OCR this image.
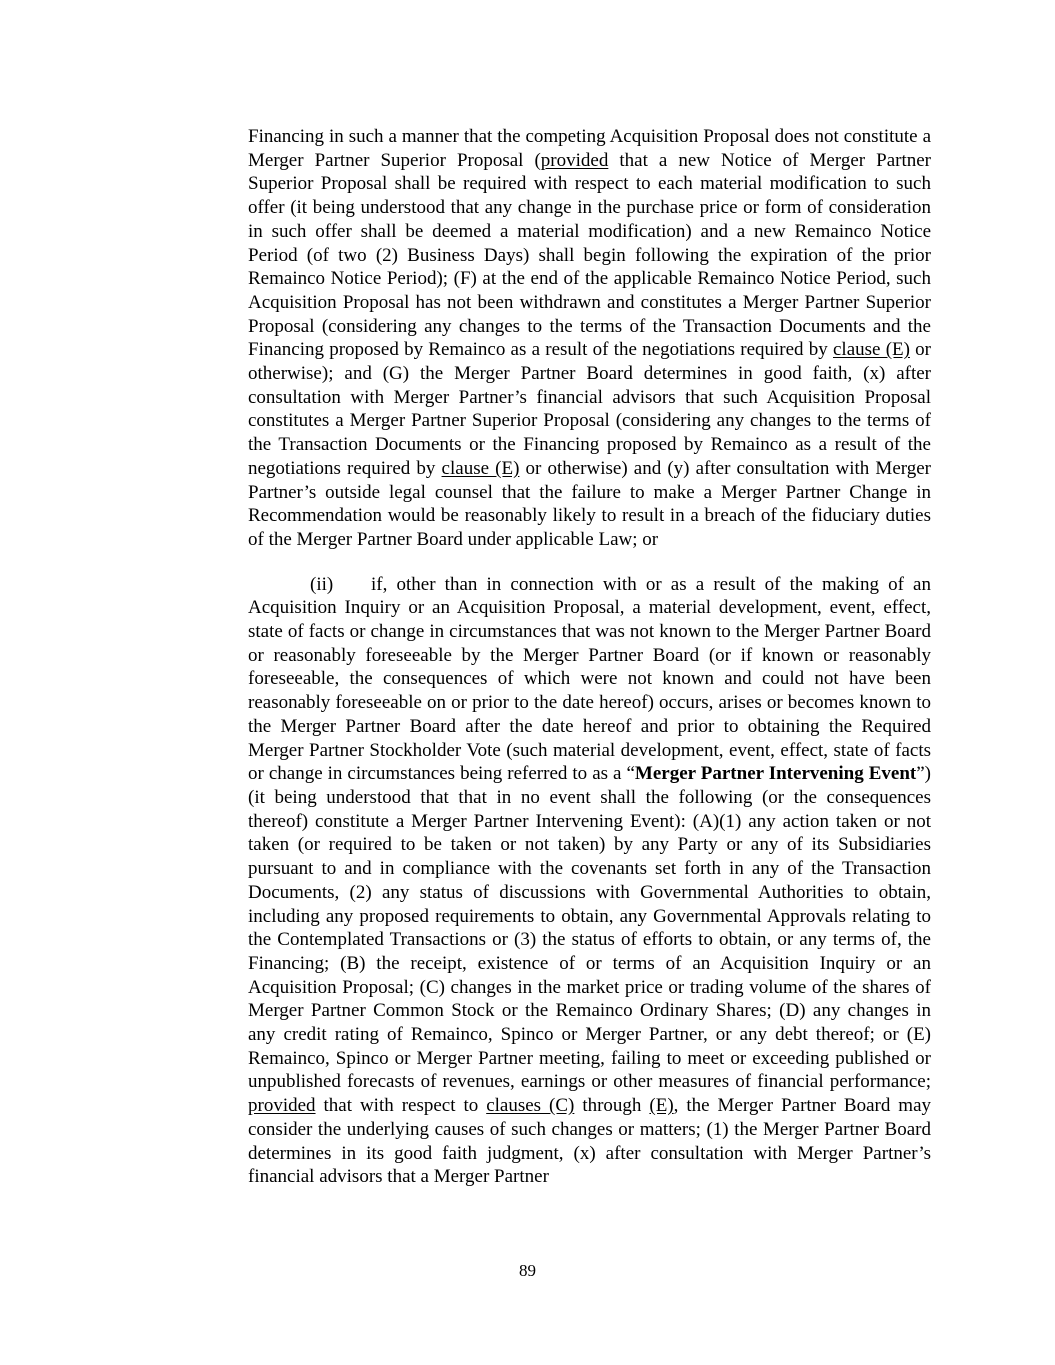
Financing in such a manner that the competing Acquisition Proposal does not constitute a Merger Partner Superior Proposal (provided that a new Notice of Merger Partner Superior Proposal shall be required with respect to each material modification to such offer (it being understood that any change in the purchase price or form of consideration in such offer shall be deemed a material modification) and a new Remainco Notice Period (of two (2) Business Days) shall begin following the expiration of the prior Remainco Notice Period); (F) at the end of the applicable Remainco Notice Period, such Acquisition Proposal has not been withdrawn and constitutes a Merger Partner Superior Proposal (considering any changes to the terms of the Transaction Documents and the Financing proposed by Remainco as a result of the negotiations required by clause (E) or otherwise); and (G) the Merger Partner Board determines in good faith, (x) after consultation with Merger Partner’s financial advisors that such Acquisition Proposal constitutes a Merger Partner Superior Proposal (considering any changes to the terms of the Transaction Documents or the Financing proposed by Remainco as a result of the negotiations required by clause (E) or otherwise) and (y) after consultation with Merger Partner’s outside legal counsel that the failure to make a Merger Partner Change in Recommendation would be reasonably likely to result in a breach of the fiduciary duties of the Merger Partner Board under applicable Law; or

(ii) if, other than in connection with or as a result of the making of an Acquisition Inquiry or an Acquisition Proposal, a material development, event, effect, state of facts or change in circumstances that was not known to the Merger Partner Board or reasonably foreseeable by the Merger Partner Board (or if known or reasonably foreseeable, the consequences of which were not known and could not have been reasonably foreseeable on or prior to the date hereof) occurs, arises or becomes known to the Merger Partner Board after the date hereof and prior to obtaining the Required Merger Partner Stockholder Vote (such material development, event, effect, state of facts or change in circumstances being referred to as a “Merger Partner Intervening Event”) (it being understood that that in no event shall the following (or the consequences thereof) constitute a Merger Partner Intervening Event): (A)(1) any action taken or not taken (or required to be taken or not taken) by any Party or any of its Subsidiaries pursuant to and in compliance with the covenants set forth in any of the Transaction Documents, (2) any status of discussions with Governmental Authorities to obtain, including any proposed requirements to obtain, any Governmental Approvals relating to the Contemplated Transactions or (3) the status of efforts to obtain, or any terms of, the Financing; (B) the receipt, existence of or terms of an Acquisition Inquiry or an Acquisition Proposal; (C) changes in the market price or trading volume of the shares of Merger Partner Common Stock or the Remainco Ordinary Shares; (D) any changes in any credit rating of Remainco, Spinco or Merger Partner, or any debt thereof; or (E) Remainco, Spinco or Merger Partner meeting, failing to meet or exceeding published or unpublished forecasts of revenues, earnings or other measures of financial performance; provided that with respect to clauses (C) through (E), the Merger Partner Board may consider the underlying causes of such changes or matters; (1) the Merger Partner Board determines in its good faith judgment, (x) after consultation with Merger Partner’s financial advisors that a Merger Partner

89
